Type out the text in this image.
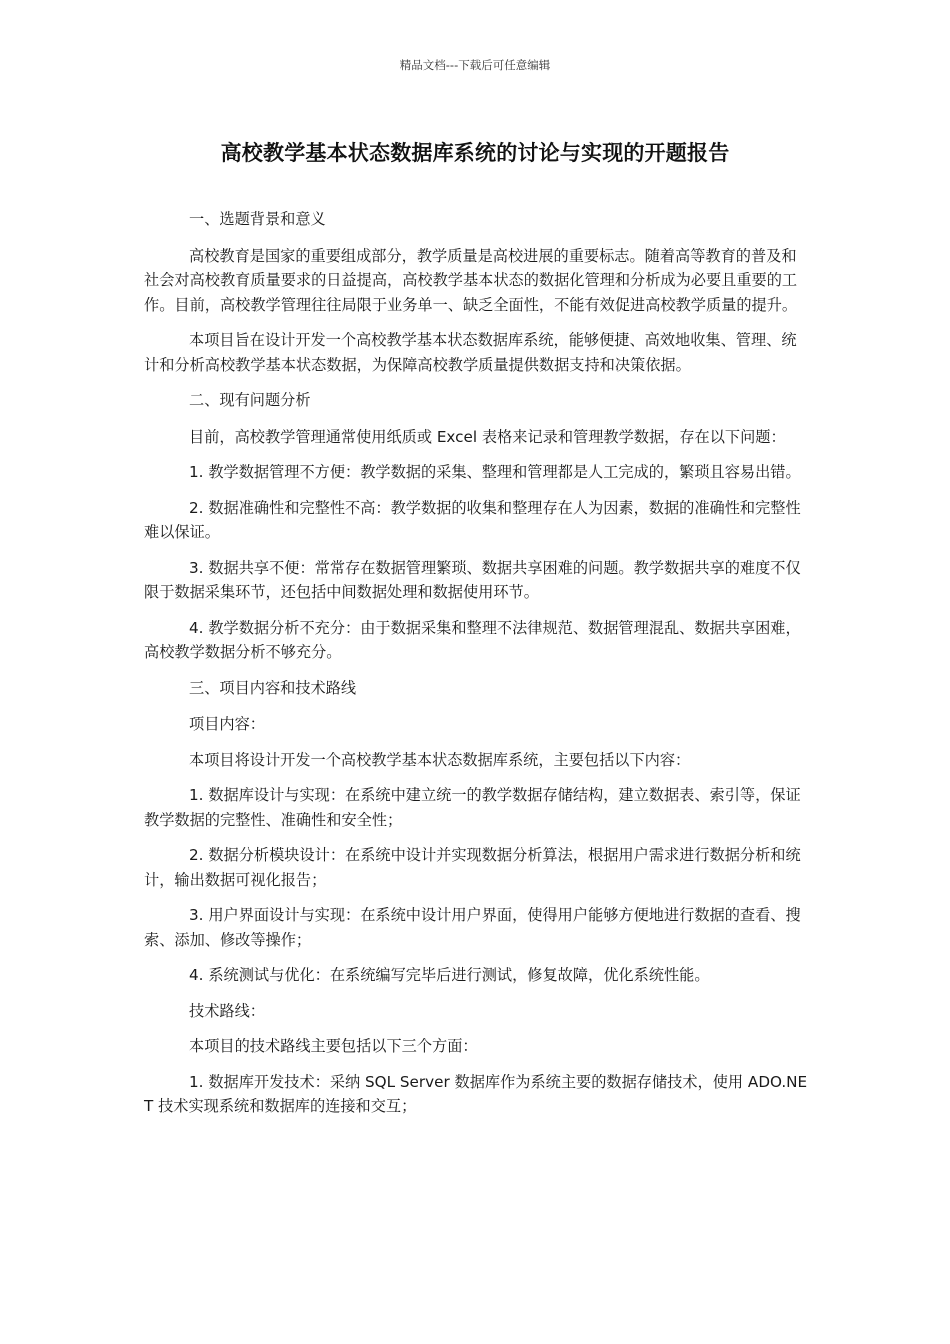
精品文档---下载后可任意编辑
高校教学基本状态数据库系统的讨论与实现的开题报告

一、选题背景和意义

高校教育是国家的重要组成部分，教学质量是高校进展的重要标志。随着高等教育的普及和社会对高校教育质量要求的日益提高，高校教学基本状态的数据化管理和分析成为必要且重要的工作。目前，高校教学管理往往局限于业务单一、缺乏全面性，不能有效促进高校教学质量的提升。

本项目旨在设计开发一个高校教学基本状态数据库系统，能够便捷、高效地收集、管理、统计和分析高校教学基本状态数据，为保障高校教学质量提供数据支持和决策依据。

二、现有问题分析

目前，高校教学管理通常使用纸质或 Excel 表格来记录和管理教学数据，存在以下问题：

1. 教学数据管理不方便：教学数据的采集、整理和管理都是人工完成的，繁琐且容易出错。

2. 数据准确性和完整性不高：教学数据的收集和整理存在人为因素，数据的准确性和完整性难以保证。

3. 数据共享不便：常常存在数据管理繁琐、数据共享困难的问题。教学数据共享的难度不仅限于数据采集环节，还包括中间数据处理和数据使用环节。

4. 教学数据分析不充分：由于数据采集和整理不法律规范、数据管理混乱、数据共享困难，高校教学数据分析不够充分。

三、项目内容和技术路线

项目内容：

本项目将设计开发一个高校教学基本状态数据库系统，主要包括以下内容：

1. 数据库设计与实现：在系统中建立统一的教学数据存储结构，建立数据表、索引等，保证教学数据的完整性、准确性和安全性；

2. 数据分析模块设计：在系统中设计并实现数据分析算法，根据用户需求进行数据分析和统计，输出数据可视化报告；

3. 用户界面设计与实现：在系统中设计用户界面，使得用户能够方便地进行数据的查看、搜索、添加、修改等操作；

4. 系统测试与优化：在系统编写完毕后进行测试，修复故障，优化系统性能。

技术路线：

本项目的技术路线主要包括以下三个方面：

1. 数据库开发技术：采纳 SQL Server 数据库作为系统主要的数据存储技术，使用 ADO.NET 技术实现系统和数据库的连接和交互；
